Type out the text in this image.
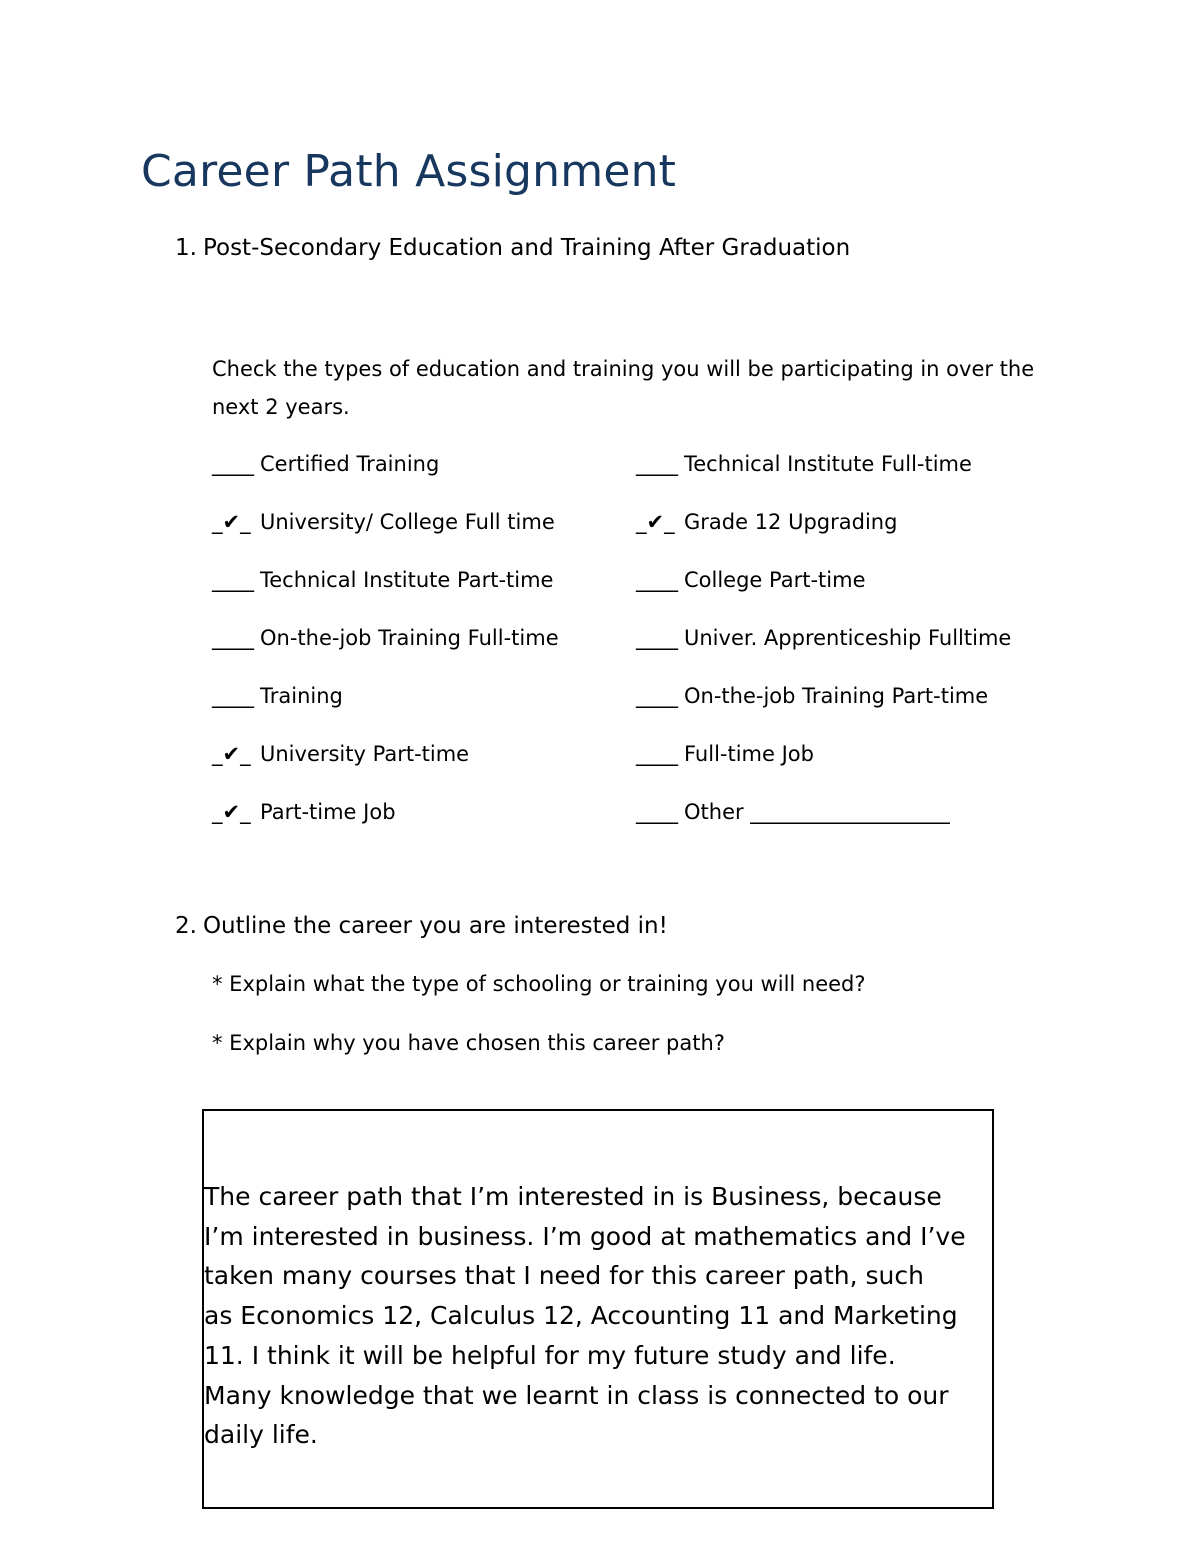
Career Path Assignment
1. Post-Secondary Education and Training After Graduation
Check the types of education and training you will be participating in over the next 2 years.
____ Certified Training	____ Technical Institute Full-time
_✔_ University/ College Full time	_✔_ Grade 12 Upgrading
____ Technical Institute Part-time	____ College Part-time
____ On-the-job Training Full-time	____ Univer. Apprenticeship Fulltime
____ Training	____ On-the-job Training Part-time
_✔_ University Part-time	____ Full-time Job
_✔_ Part-time Job	____ Other ___________________
2. Outline the career you are interested in!
* Explain what the type of schooling or training you will need?
* Explain why you have chosen this career path?
The career path that I’m interested in is Business, because
I’m interested in business. I’m good at mathematics and I’ve
taken many courses that I need for this career path, such
as Economics 12, Calculus 12, Accounting 11 and Marketing
11. I think it will be helpful for my future study and life.
Many knowledge that we learnt in class is connected to our
daily life.
